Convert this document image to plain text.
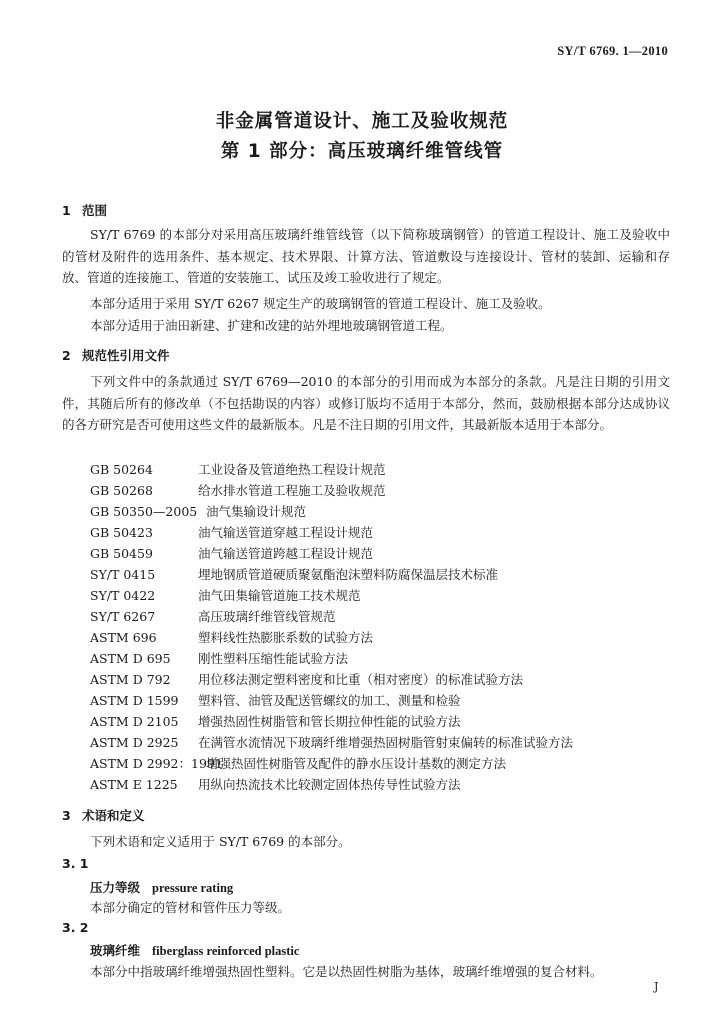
SY/T 6769. 1—2010
非金属管道设计、施工及验收规范
第 1 部分：高压玻璃纤维管线管
1 范围
SY/T 6769 的本部分对采用高压玻璃纤维管线管（以下简称玻璃钢管）的管道工程设计、施工及验收中的管材及附件的选用条件、基本规定、技术界限、计算方法、管道敷设与连接设计、管材的装卸、运输和存放、管道的连接施工、管道的安装施工、试压及竣工验收进行了规定。
本部分适用于采用 SY/T 6267 规定生产的玻璃钢管的管道工程设计、施工及验收。
本部分适用于油田新建、扩建和改建的站外埋地玻璃钢管道工程。
2 规范性引用文件
下列文件中的条款通过 SY/T 6769—2010 的本部分的引用而成为本部分的条款。凡是注日期的引用文件，其随后所有的修改单（不包括勘误的内容）或修订版均不适用于本部分，然而，鼓励根据本部分达成协议的各方研究是否可使用这些文件的最新版本。凡是不注日期的引用文件，其最新版本适用于本部分。
GB 50264	工业设备及管道绝热工程设计规范
GB 50268	给水排水管道工程施工及验收规范
GB 50350—2005 油气集输设计规范
GB 50423	油气输送管道穿越工程设计规范
GB 50459	油气输送管道跨越工程设计规范
SY/T 0415	埋地钢质管道硬质聚氨酯泡沫塑料防腐保温层技术标准
SY/T 0422	油气田集输管道施工技术规范
SY/T 6267	高压玻璃纤维管线管规范
ASTM 696	塑料线性热膨胀系数的试验方法
ASTM D 695 刚性塑料压缩性能试验方法
ASTM D 792 用位移法测定塑料密度和比重（相对密度）的标准试验方法
ASTM D 1599 塑料管、油管及配送管螺纹的加工、测量和检验
ASTM D 2105 增强热固性树脂管和管长期拉伸性能的试验方法
ASTM D 2925 在满管水流情况下玻璃纤维增强热固树脂管射束偏转的标准试验方法
ASTM D 2992：1991增强热固性树脂管及配件的静水压设计基数的测定方法
ASTM E 1225 用纵向热流技术比较测定固体热传导性试验方法
3 术语和定义
下列术语和定义适用于 SY/T 6769 的本部分。
3. 1
压力等级 pressure rating
本部分确定的管材和管件压力等级。
3. 2
玻璃纤维 fiberglass reinforced plastic
本部分中指玻璃纤维增强热固性塑料。它是以热固性树脂为基体，玻璃纤维增强的复合材料。
J
